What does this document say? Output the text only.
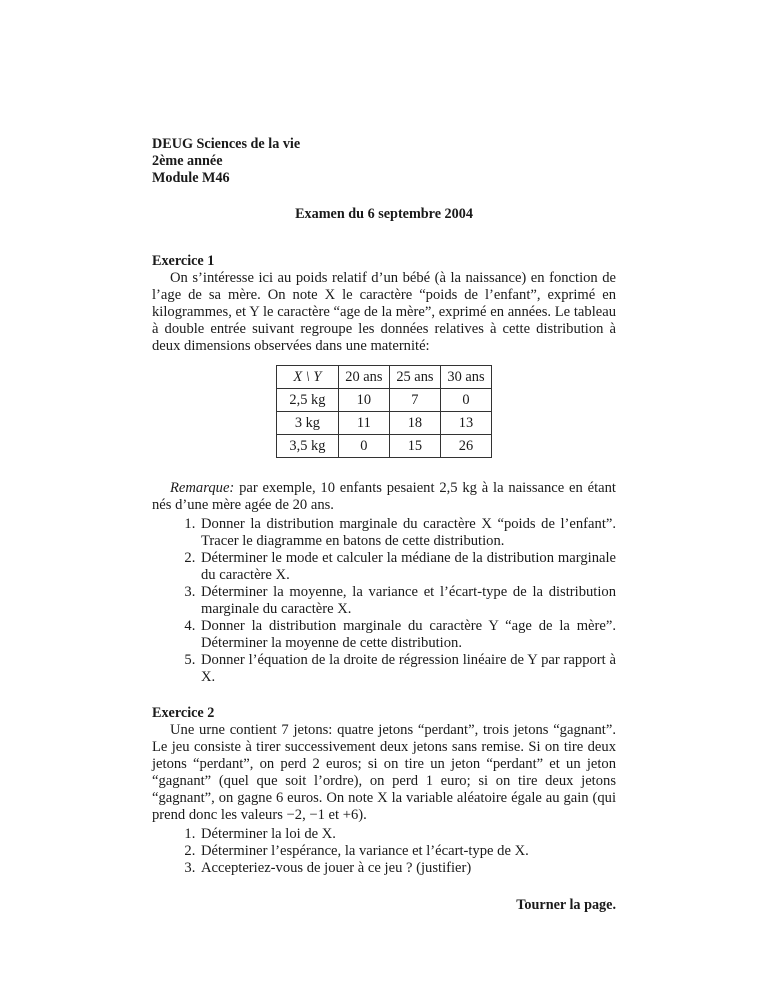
DEUG Sciences de la vie
2ème année
Module M46
Examen du 6 septembre 2004
Exercice 1
On s’intéresse ici au poids relatif d’un bébé (à la naissance) en fonction de l’age de sa mère. On note X le caractère “poids de l’enfant”, exprimé en kilogrammes, et Y le caractère “age de la mère”, exprimé en années. Le tableau à double entrée suivant regroupe les données relatives à cette distribution à deux dimensions observées dans une maternité:
X \ Y	20 ans	25 ans	30 ans
2,5 kg	10	7	0
3 kg	11	18	13
3,5 kg	0	15	26
Remarque: par exemple, 10 enfants pesaient 2,5 kg à la naissance en étant nés d’une mère agée de 20 ans.
1. Donner la distribution marginale du caractère X “poids de l’enfant”. Tracer le diagramme en batons de cette distribution.
2. Déterminer le mode et calculer la médiane de la distribution marginale du caractère X.
3. Déterminer la moyenne, la variance et l’écart-type de la distribution marginale du caractère X.
4. Donner la distribution marginale du caractère Y “age de la mère”. Déterminer la moyenne de cette distribution.
5. Donner l’équation de la droite de régression linéaire de Y par rapport à X.
Exercice 2
Une urne contient 7 jetons: quatre jetons “perdant”, trois jetons “gagnant”. Le jeu consiste à tirer successivement deux jetons sans remise. Si on tire deux jetons “perdant”, on perd 2 euros; si on tire un jeton “perdant” et un jeton “gagnant” (quel que soit l’ordre), on perd 1 euro; si on tire deux jetons “gagnant”, on gagne 6 euros. On note X la variable aléatoire égale au gain (qui prend donc les valeurs −2, −1 et +6).
1. Déterminer la loi de X.
2. Déterminer l’espérance, la variance et l’écart-type de X.
3. Accepteriez-vous de jouer à ce jeu ? (justifier)
Tourner la page.
